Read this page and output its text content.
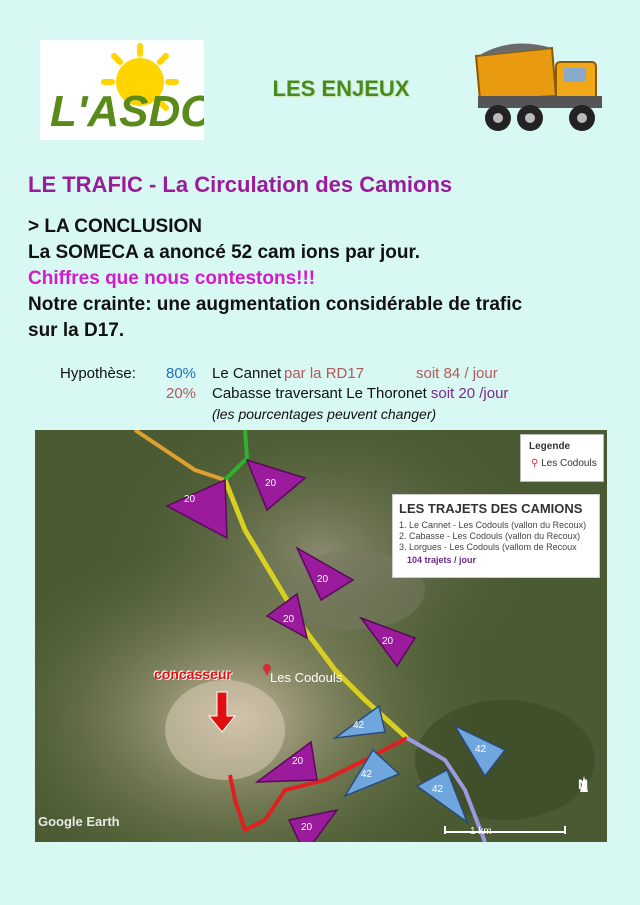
L'ASDC	LES ENJEUX
LE TRAFIC - La Circulation des Camions
> LA CONCLUSION
La SOMECA a anoncé 52 cam ions par jour.
Chiffres que nous contestons!!!
Notre crainte: une augmentation considérable de trafic
sur la D17.
Hypothèse: 80% Le Cannet par la RD17	soit 84 / jour
20% Cabasse traversant Le Thoronet soit 20 /jour
(les pourcentages peuvent changer)
20
20
20
20
20
42
42
42
42
20
20
Legende
⚲ Les Codouls
LES TRAJETS DES CAMIONS
1. Le Cannet - Les Codouls (vallon du Recoux)
2. Cabasse - Les Codouls (vallon du Recoux)
3. Lorgues - Les Codouls (vallom de Recoux
104 trajets / jour
concasseur	Les Codouls
Google Earth
1 km
N
